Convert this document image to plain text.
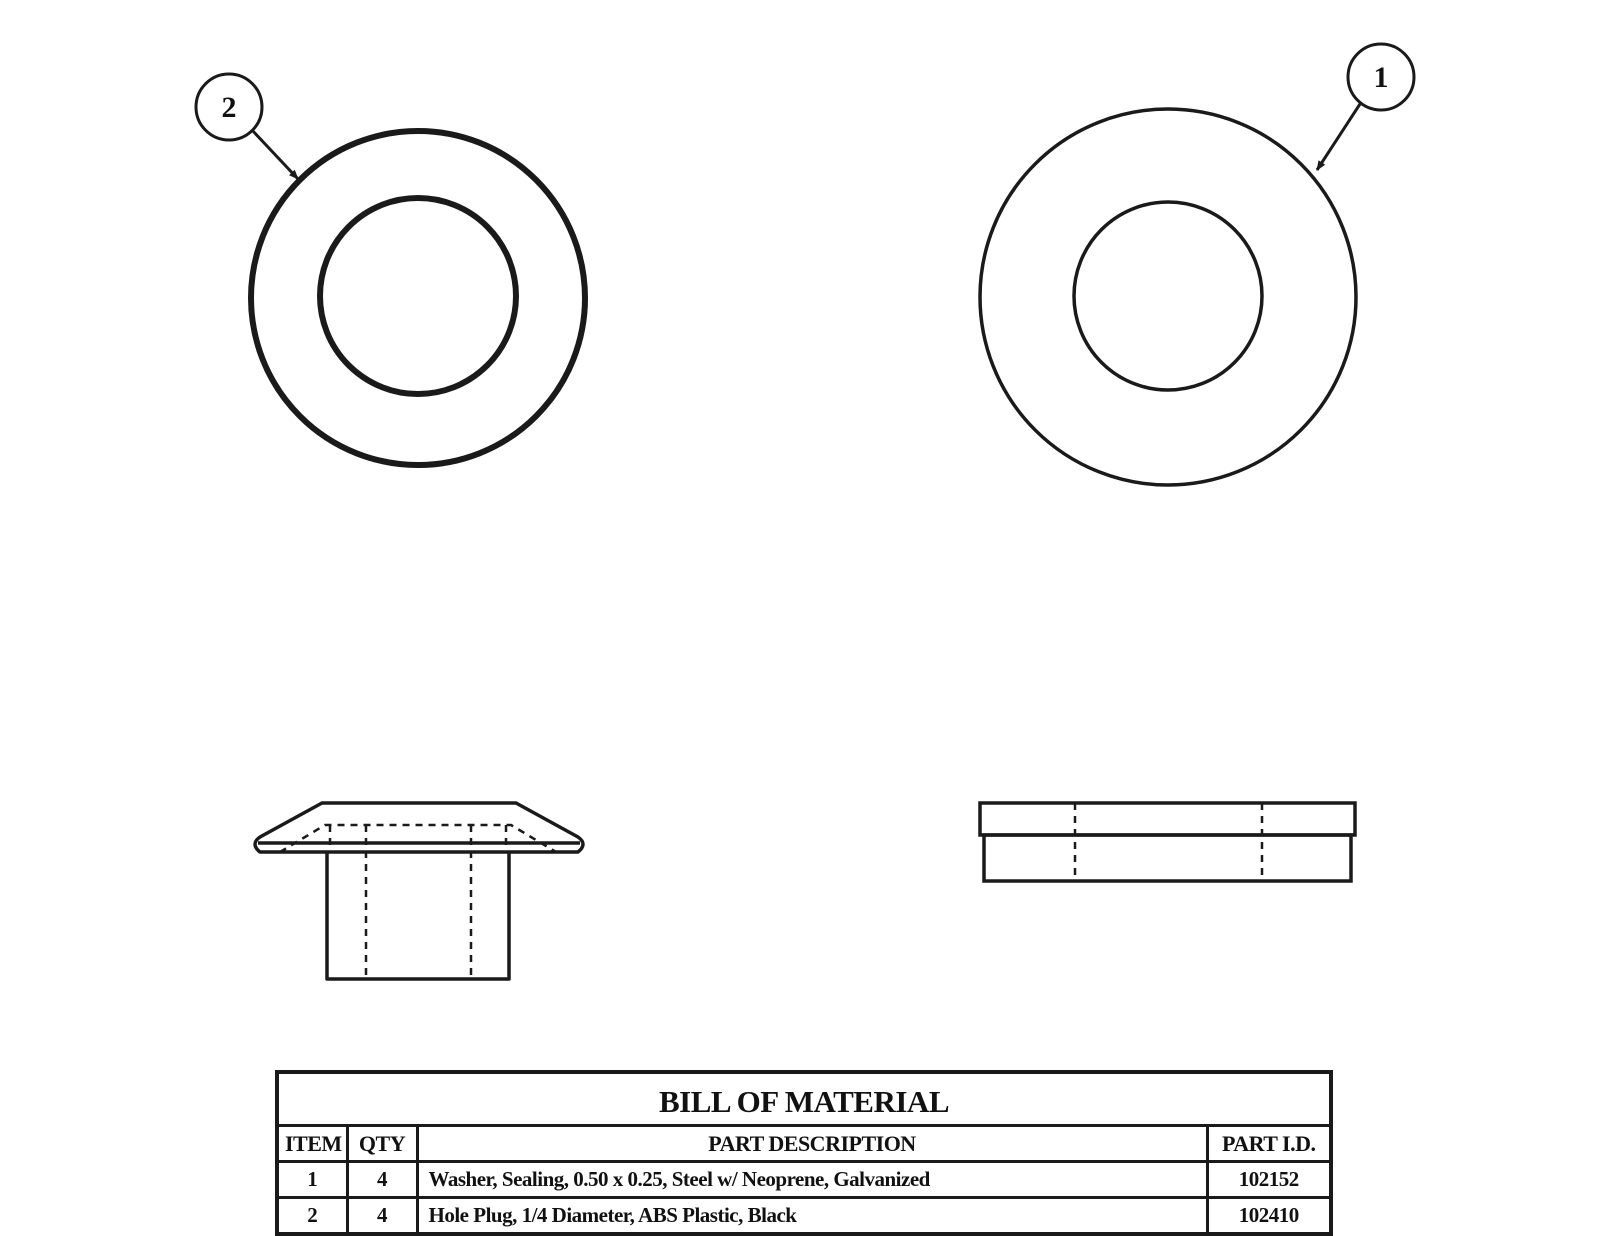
2
1
BILL OF MATERIAL			
ITEM	QTY	PART DESCRIPTION	PART I.D.
1	4	Washer, Sealing, 0.50 x 0.25, Steel w/ Neoprene, Galvanized	102152
2	4	Hole Plug, 1/4 Diameter, ABS Plastic, Black	102410
